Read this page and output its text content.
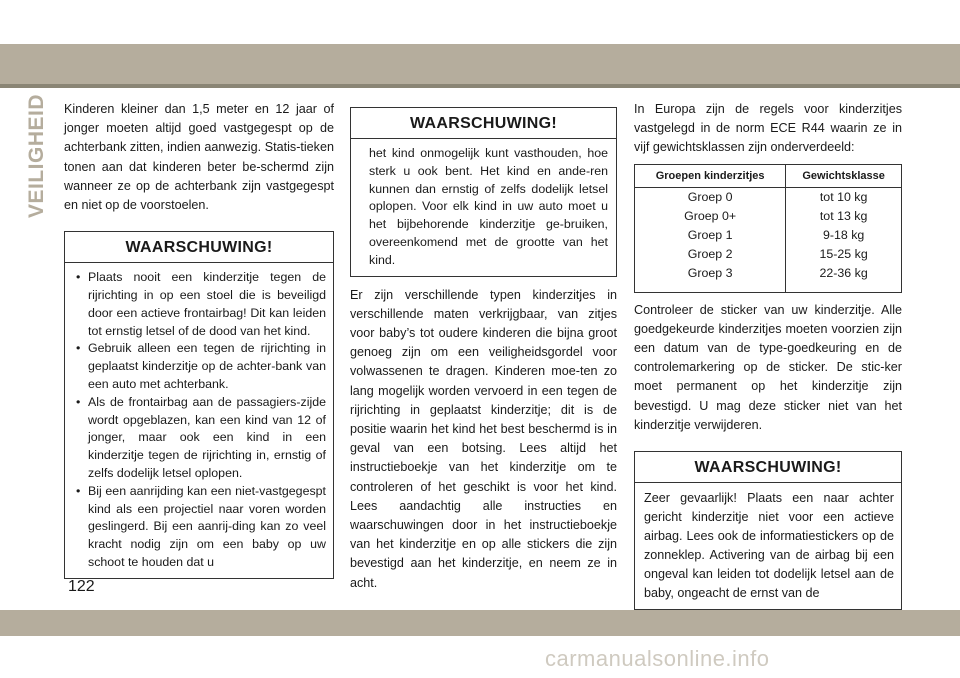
VEILIGHEID Kinderen kleiner dan 1,5 meter en 12 jaar of jonger moeten altijd goed vastgegespt op de achterbank zitten, indien aanwezig. Statis-tieken tonen aan dat kinderen beter be-schermd zijn wanneer ze op de achterbank zijn vastgegespt en niet op de voorstoelen.

WAARSCHUWING!
• Plaats nooit een kinderzitje tegen de rijrichting in op een stoel die is beveiligd door een actieve frontairbag! Dit kan leiden tot ernstig letsel of de dood van het kind.
• Gebruik alleen een tegen de rijrichting in geplaatst kinderzitje op de achter-bank van een auto met achterbank.
• Als de frontairbag aan de passagiers-zijde wordt opgeblazen, kan een kind van 12 of jonger, maar ook een kind in een kinderzitje tegen de rijrichting in, ernstig of zelfs dodelijk letsel oplopen.
• Bij een aanrijding kan een niet-vastgegespt kind als een projectiel naar voren worden geslingerd. Bij een aanrij-ding kan zo veel kracht nodig zijn om een baby op uw schoot te houden dat u
WAARSCHUWING!
het kind onmogelijk kunt vasthouden, hoe sterk u ook bent. Het kind en ande-ren kunnen dan ernstig of zelfs dodelijk letsel oplopen. Voor elk kind in uw auto moet u het bijbehorende kinderzitje ge-bruiken, overeenkomend met de grootte van het kind.

Er zijn verschillende typen kinderzitjes in verschillende maten verkrijgbaar, van zitjes voor baby’s tot oudere kinderen die bijna groot genoeg zijn om een veiligheidsgordel voor volwassenen te dragen. Kinderen moe-ten zo lang mogelijk worden vervoerd in een tegen de rijrichting in geplaatst kinderzitje; dit is de positie waarin het kind het best beschermd is in geval van een botsing. Lees altijd het instructieboekje van het kinderzitje om te controleren of het geschikt is voor het kind. Lees aandachtig alle instructies en waarschuwingen door in het instructieboekje van het kinderzitje en op alle stickers die zijn bevestigd aan het kinderzitje, en neem ze in acht.

In Europa zijn de regels voor kinderzitjes vastgelegd in de norm ECE R44 waarin ze in vijf gewichtsklassen zijn onderverdeeld:

Groepen kinderzitjes	Gewichtsklasse
Groep 0	tot 10 kg
Groep 0+	tot 13 kg
Groep 1	9-18 kg
Groep 2	15-25 kg
Groep 3	22-36 kg

Controleer de sticker van uw kinderzitje. Alle goedgekeurde kinderzitjes moeten voorzien zijn een datum van de type-goedkeuring en de controlemarkering op de sticker. De stic-ker moet permanent op het kinderzitje zijn bevestigd. U mag deze sticker niet van het kinderzitje verwijderen.

WAARSCHUWING!
Zeer gevaarlijk! Plaats een naar achter gericht kinderzitje niet voor een actieve airbag. Lees ook de informatiestickers op de zonneklep. Activering van de airbag bij een ongeval kan leiden tot dodelijk letsel aan de baby, ongeacht de ernst van de
122
carmanualsonline.info
